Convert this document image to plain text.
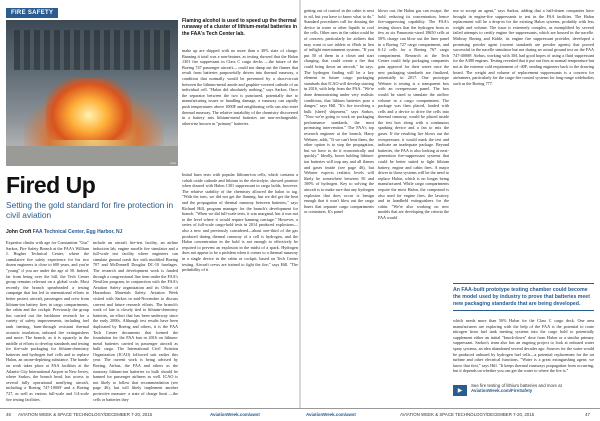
FIRE SAFETY
FAA

Flaming alcohol is used to speed up the thermal runaway of a cluster of lithium-metal batteries in the FAA's Tech Center lab.

make up are shipped with no more than a 30% state of charge. Banning it total was a non-brainer, as testing showed that the Halon 1301 fire suppressant in Class C cargo decks —the future of the Boeing 747 passenger aircraft— could not damp out the flames that result from batteries purposefully driven into thermal runaway, a condition that normally would be prevented by a short-circuit between the lithium-metal anode and graphite-covered cathode of an individual cell. "Halon did absolutely nothing," says Sarkos. Once the separator between the two is punctured, potentially due to manufacturing issues or handling damage, a runaway can rapidly push temperatures above 1000F and neighboring cells can also enter thermal runaway. The relative instability of the chemistry discovered in a battery mix lithium-metal batteries are non-rechargeable, otherwise known as "primary" batteries.

Fired Up

Setting the gold standard for fire protection in civil aviation

John Croft FAA Technical Center, Egg Harbor, NJ

Expertise climbs with age for Constantine "Gus" Sarkos, Fire Safety Branch at the FAA's William J. Hughes Technical Center, where the cumulative fire safety experience for his two dozen engineers is close to 600 years, and you're "young" if you are under the age of 50. Indeed, far from being over the hill, the Tech Center group remains relevant on a global scale. Most recently the branch spearheaded a testing campaign that has led to international efforts to better protect aircraft, passengers and crew from lithium-ion battery fires in cargo compartments, the cabin and the cockpit. Previously the group has carried out the backbone research for a variety of safety improvements, including fuel tank inerting, burn-through resistant thermal acoustic insulation, onboard fire extinguishers and more. The branch, as it is squarely in the middle of efforts to develop standards and testing for fire-safe packaging for lithium-chemistry batteries and hydrogen fuel cells and to replace Halon, an ozone-depleting substance. The hands-on work takes place at FAA facilities at the Atlantic City International Airport in New Jersey, where Sarkos, the branch head, has access to several fully operational nonflying aircraft, including a Boeing 747-100SF and a Boeing 727, as well as various full-scale and 1/4-scale fire testing facilities.

include an aircraft fire-test facility, an airline induction lab, engine nacelle fire simulator and a full-scale test facility where engineers can simulate ground crash fire with modified Boeing 707 and McDonnell Douglas DC-10 fuselages. The research and development work is funded through a congressional line item under the FAA's NextGen program, in conjunction with the FAA's Aviation Safety organization and its Office of Hazardous Materials Safety. Aviation Week visited with Sarkos in mid-November to discuss current and future research efforts. The branch's work of late is closely tied to lithium-chemistry batteries, an effort that has been underway since the early 2000s. Although test results have been duplicated by Boeing and others, it is the FAA Tech Center documents that formed the foundation for the FAA ban in 2016 on lithium-metal batteries carried in passenger aircraft as bulk cargo. The International Civil Aviation Organization (ICAO) followed suit earlier this year. The current work is being advised by Boeing, Airbus, the FAA and others as the runaway lithium-ion batteries in bulk should be banned for passenger airliners as well. ICAO is not likely to follow that recommendation (see page 46), but will likely implement another protective measure: a state of charge limit —the cells or batteries they

Initial burn tests with popular lithium-ion cells, which contains a cobalt oxide cathode and lithium in the electrolyte, showed promise when doused with Halon 1301 suppressant in cargo holds, however. The relative stability of the chemistry allowed the halon to tag. "With the ions, we did not get the flaming, but we did get the heat and the propagation of thermal runaway between batteries," says Richard Hill, program manager for the branch's development for branch. "When we did full-scale tests, it was marginal, but it was not to the level where it would require banning carriage." However, a series of full-scale cargo-hold tests in 2014 produced explosions—also a new and previously considered—about one-third of the gas produced during thermal runaway of a cell is hydrogen, and the Halon concentration in the hold is not enough to effectively be required to prevent an explosion in the midst of a spark. Hydrogen does not appear to be a problem when it comes to a thermal runaway in a single device in the cabin or cockpit, based on Tech Center testing. Aircraft crews are trained to fight the fire," says Hill. "The probability of it

getting out of control in the cabin is next to nil, but you have to know what to do." Standard procedures call for dousing the device in water or other liquids to cool the cells. Other uses in the cabin could be of concern, particularly for airlines that may want to use tablets or iPads in lieu of inflight entertainment systems. "If you put 50 of them in a closet and start charging, that could create a fire that could bring down an aircraft," he says. The hydrogen finding will be a key element in future cargo packaging standards that ICAO will develop starting in 2016, with help from the FAA. "We're done demonstrating under very realistic conditions, that lithium batteries pose a danger," says Hill. "It's fire involving a bulk [sheet] shipment," says Sarkos. "Now we're going to work on packaging performance standards, the most promising intervention." The FAA's top research engineer at the branch, Harry Webster, adds, "If we can't beat them, the other option is to stop the propagation, but we have to do it economically and quickly." Ideally, boxes holding lithium-ion batteries will trap any and all flames and gases inside (see page 46), but Webster expects realistic levels will likely be somewhere between 50 and 100% of hydrogen. Key to solving the aircraft is to make sure that any hydrogen explosion that does occur is benign enough that it won't blow out the cargo liners that separate cargo compartments or containers. It's panel

blows out, the Halon gas can escape, the hold, reducing its concentration, hence fire-suppressing capability. The FAA's testing shows that the hydrogen from as few as six Panasonic-sized 18650 cells at 50% charge can blow out the liner panel in a Boeing 727 cargo compartment, and 6-12 cells for a Boeing 767 cargo compartment. Research at the Tech Center could help packaging companies gain approval for their wares once the new packaging standards are finalized, potentially in 2017. One prototype Webster is testing is a transparent box with an overpressure panel. The box would be sized to simulate the airflow volume in a cargo compartment. The package was then placed, loaded with cells and a device to drive the cells into thermal runaway, would be placed inside the test box along with a continuous sparking device and a fan to mix the gases. If the resulting fire blows out the overpressure, it would mark the test and indicate an inadequate package. Beyond batteries, the FAA is also looking at next-generation fire-suppressant systems that could be better suited to fight lithium battery, engine and cabin fires. A major driver in those systems will be the need to replace Halon, which is no longer being manufactured. While cargo compartments require the most Halon, the compound is also used for engine fires, the lavatory and in handheld extinguishers for the cabin. "We're also working on new models that are developing the criteria the FAA would

use to accept an agent," says Sarkos, adding that a half-dozen companies have brought in engine-fire suppressants to test in the FAA facilities. The Halon replacement will be a drop-in for the existing Halon systems, probably with less weight and volume. The issue is extremely complex, as exemplified by several failed attempts to certify engine fire suppressants, which are housed in the nacelle. Midway Boeing and Kidde, its engine fire suppressant provider, developed a promising powder agent (current standards are powder agents) that proved successful in the nacelle simulator but not during an actual ground test on the FAA 747-400SF. Airbus, working with 3M, had good hopes of using a fluid suppressant for the A380 engines. Testing revealed that it put out fires at normal temperature but not at the extreme cold requirement of -40F, sending engineers back to the drawing board. The weight and volume of replacement suppressants is a concern for airframers, particularly for the cargo-fire control systems for long-range widebodies such as the Boeing 777.

An FAA-built prototype testing chamber could become the model used by industry to prove that batteries meet new packaging standards that are being developed.

which needs more than 50% Halon for the Class C cargo deck. One area manufacturers are exploring with the help of the FAA is the potential to route nitrogen from fuel tank inerting systems into the cargo hold to potentially supplement either an initial "knock-down" dose from Halon or a similar primary suppressant. Sarkos's team also has an ongoing project to look at onboard water spray systems, an idea abandoned several decades ago. Sources for the water would be produced onboard by hydrogen fuel cells—a potential replacement for the rat turbine and other electrical functions. "Water is a great extinguishing agent; we know that first," says Hill. "It keeps thermal runaways propagation from occurring, but it depends on whether you can get the water to where the fire is."

▶

See fire testing of lithium batteries and more at AviationWeek.com/FireSafety

46 AVIATION WEEK & SPACE TECHNOLOGY/DECEMBER 7-20, 2015	AviationWeek.com/awst	AviationWeek.com/awst	AVIATION WEEK & SPACE TECHNOLOGY/DECEMBER 7-20, 2015	47
